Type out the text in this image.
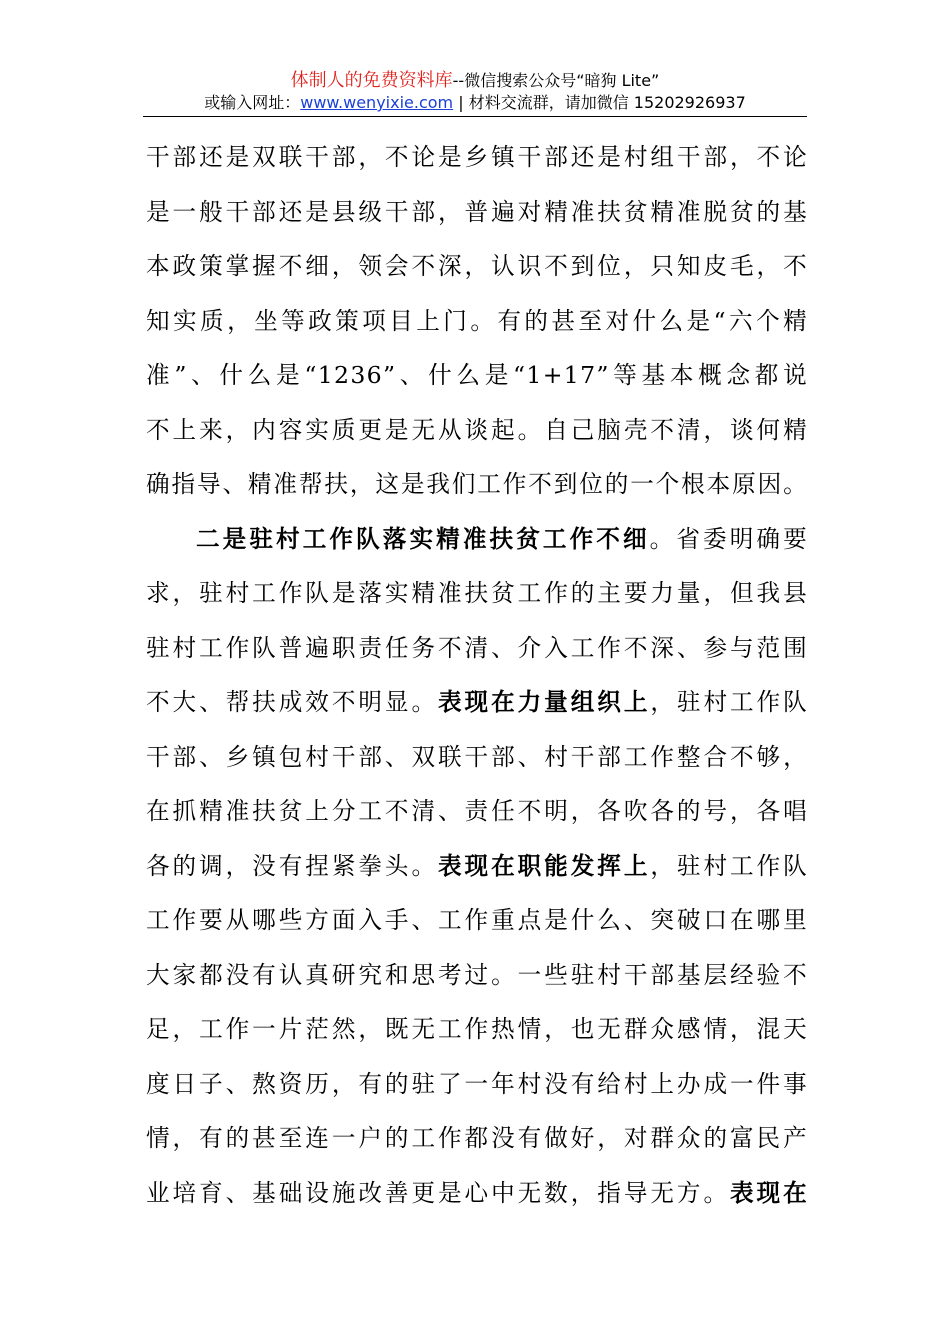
体制人的免费资料库--微信搜索公众号“暗狗 Lite”
或输入网址：www.wenyixie.com | 材料交流群，请加微信 15202926937
干部还是双联干部，不论是乡镇干部还是村组干部，不论
是一般干部还是县级干部，普遍对精准扶贫精准脱贫的基
本政策掌握不细，领会不深，认识不到位，只知皮毛，不
知实质，坐等政策项目上门。有的甚至对什么是“六个精
准”、什么是“1236”、什么是“1+17”等基本概念都说
不上来，内容实质更是无从谈起。自己脑壳不清，谈何精
确指导、精准帮扶，这是我们工作不到位的一个根本原因。
二是驻村工作队落实精准扶贫工作不细。省委明确要
求，驻村工作队是落实精准扶贫工作的主要力量，但我县
驻村工作队普遍职责任务不清、介入工作不深、参与范围
不大、帮扶成效不明显。表现在力量组织上，驻村工作队
干部、乡镇包村干部、双联干部、村干部工作整合不够，
在抓精准扶贫上分工不清、责任不明，各吹各的号，各唱
各的调，没有捏紧拳头。表现在职能发挥上，驻村工作队
工作要从哪些方面入手、工作重点是什么、突破口在哪里
大家都没有认真研究和思考过。一些驻村干部基层经验不
足，工作一片茫然，既无工作热情，也无群众感情，混天
度日子、熬资历，有的驻了一年村没有给村上办成一件事
情，有的甚至连一户的工作都没有做好，对群众的富民产
业培育、基础设施改善更是心中无数，指导无方。表现在
